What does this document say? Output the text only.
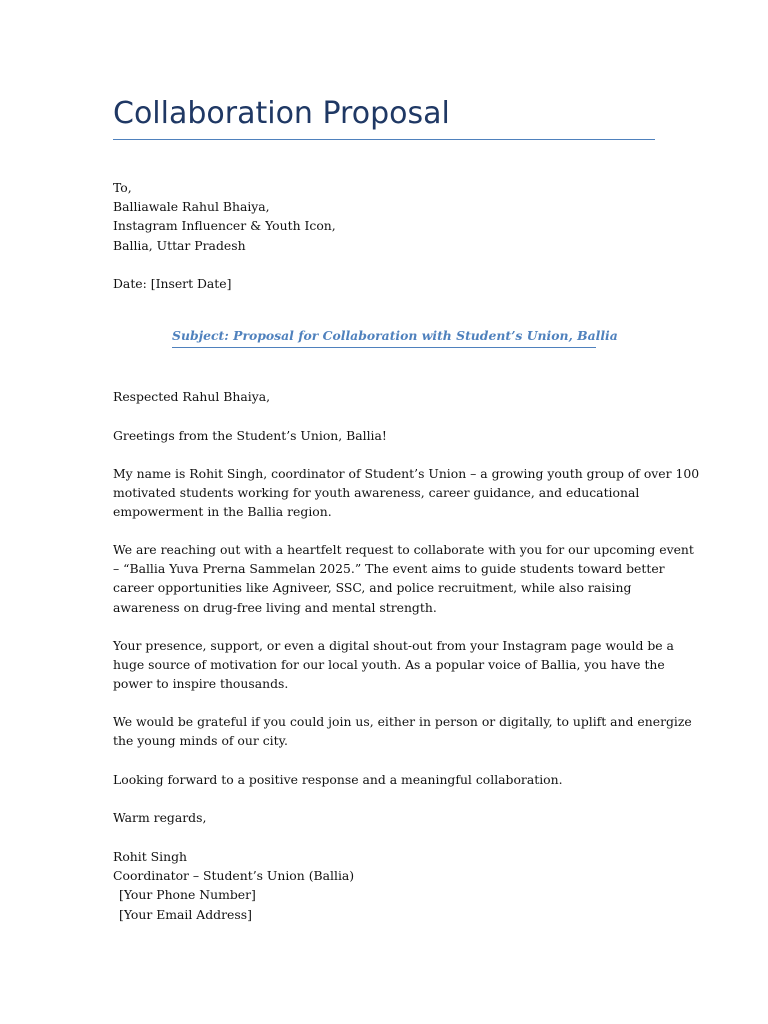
Collaboration Proposal
To,
Balliawale Rahul Bhaiya,
Instagram Influencer & Youth Icon,
Ballia, Uttar Pradesh
Date: [Insert Date]
Subject: Proposal for Collaboration with Student’s Union, Ballia
Respected Rahul Bhaiya,
Greetings from the Student’s Union, Ballia!
My name is Rohit Singh, coordinator of Student’s Union – a growing youth group of over 100
motivated students working for youth awareness, career guidance, and educational
empowerment in the Ballia region.
We are reaching out with a heartfelt request to collaborate with you for our upcoming event
– “Ballia Yuva Prerna Sammelan 2025.” The event aims to guide students toward better
career opportunities like Agniveer, SSC, and police recruitment, while also raising
awareness on drug-free living and mental strength.
Your presence, support, or even a digital shout-out from your Instagram page would be a
huge source of motivation for our local youth. As a popular voice of Ballia, you have the
power to inspire thousands.
We would be grateful if you could join us, either in person or digitally, to uplift and energize
the young minds of our city.
Looking forward to a positive response and a meaningful collaboration.
Warm regards,
Rohit Singh
Coordinator – Student’s Union (Ballia)
[Your Phone Number]
[Your Email Address]
